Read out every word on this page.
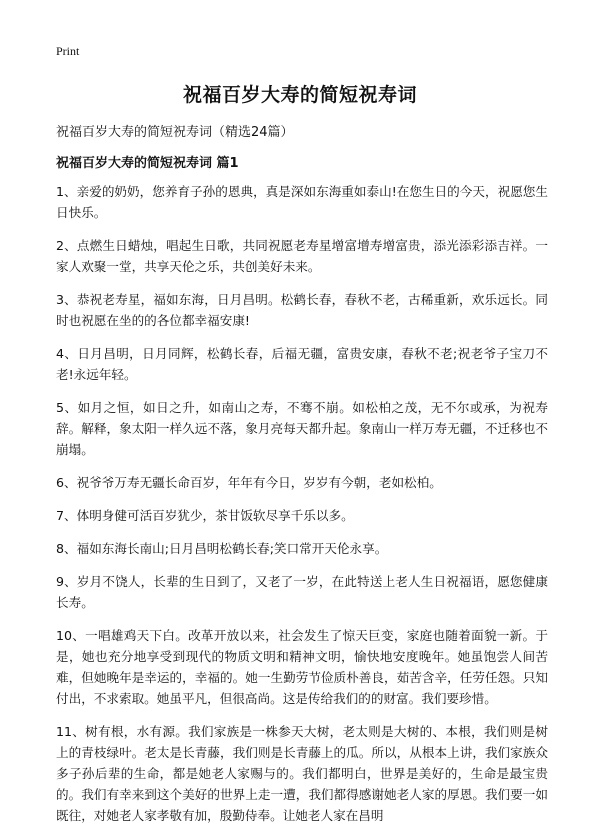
Print
祝福百岁大寿的简短祝寿词
祝福百岁大寿的简短祝寿词（精选24篇）
祝福百岁大寿的简短祝寿词 篇1

1、亲爱的奶奶，您养育子孙的恩典，真是深如东海重如泰山!在您生日的今天，祝愿您生日快乐。

2、点燃生日蜡烛，唱起生日歌，共同祝愿老寿星增富增寿增富贵，添光添彩添吉祥。一家人欢聚一堂，共享天伦之乐，共创美好未来。

3、恭祝老寿星，福如东海，日月昌明。松鹤长春，春秋不老，古稀重新，欢乐远长。同时也祝愿在坐的的各位都幸福安康!

4、日月昌明，日月同辉，松鹤长春，后福无疆，富贵安康，春秋不老;祝老爷子宝刀不老!永远年轻。

5、如月之恒，如日之升，如南山之寿，不骞不崩。如松柏之茂，无不尔或承，为祝寿辞。解释，象太阳一样久远不落，象月亮每天都升起。象南山一样万寿无疆，不迁移也不崩塌。

6、祝爷爷万寿无疆长命百岁，年年有今日，岁岁有今朝，老如松柏。

7、体明身健可活百岁犹少，茶甘饭软尽享千乐以多。

8、福如东海长南山;日月昌明松鹤长春;笑口常开天伦永享。

9、岁月不饶人，长辈的生日到了，又老了一岁，在此特送上老人生日祝福语，愿您健康长寿。

10、一唱雄鸡天下白。改革开放以来，社会发生了惊天巨变，家庭也随着面貌一新。于是，她也充分地享受到现代的物质文明和精神文明，愉快地安度晚年。她虽饱尝人间苦难，但她晚年是幸运的，幸福的。她一生勤劳节俭质朴善良，茹苦含辛，任劳任怨。只知付出，不求索取。她虽平凡，但很高尚。这是传给我们的的财富。我们要珍惜。

11、树有根，水有源。我们家族是一株参天大树，老太则是大树的、本根，我们则是树上的青枝绿叶。老太是长青藤，我们则是长青藤上的瓜。所以，从根本上讲，我们家族众多子孙后辈的生命，都是她老人家赐与的。我们都明白，世界是美好的，生命是最宝贵的。我们有幸来到这个美好的世界上走一遭，我们都得感谢她老人家的厚恩。我们要一如既往，对她老人家孝敬有加，殷勤侍奉。让她老人家在昌明
